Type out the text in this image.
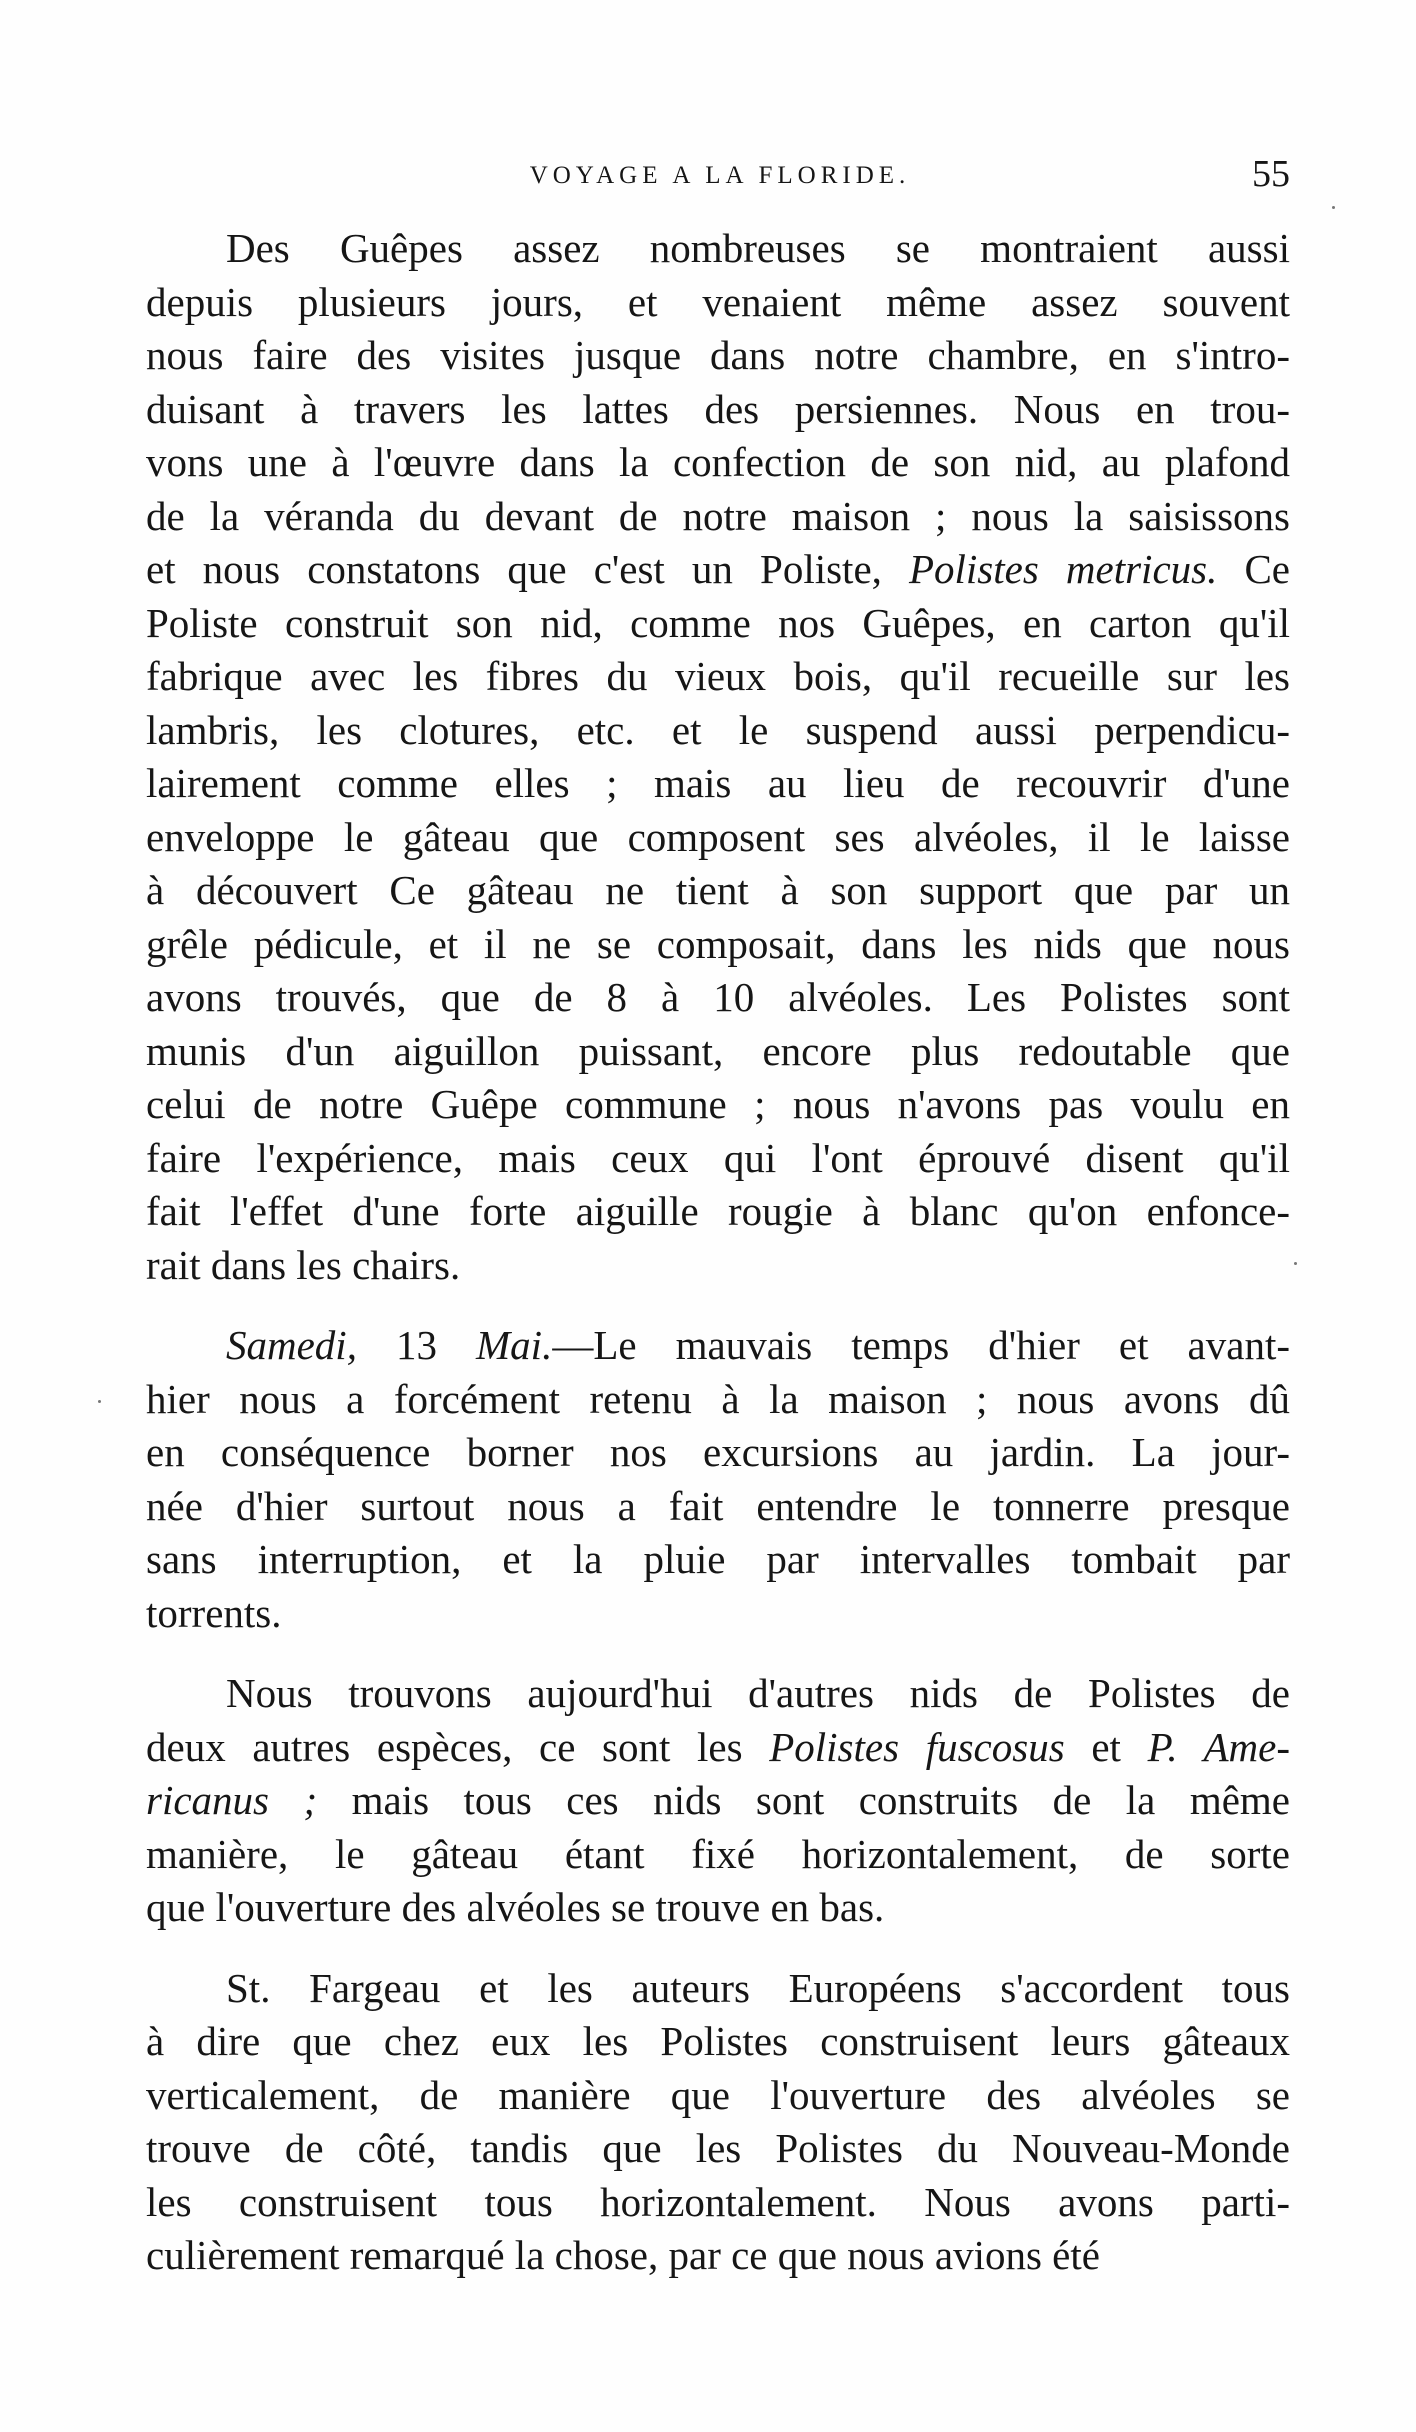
VOYAGE A LA FLORIDE.	55
Des Guêpes assez nombreuses se montraient aussi
depuis plusieurs jours, et venaient même assez souvent
nous faire des visites jusque dans notre chambre, en s'intro-
duisant à travers les lattes des persiennes. Nous en trou-
vons une à l'œuvre dans la confection de son nid, au plafond
de la véranda du devant de notre maison ; nous la saisissons
et nous constatons que c'est un Poliste, Polistes metricus. Ce
Poliste construit son nid, comme nos Guêpes, en carton qu'il
fabrique avec les fibres du vieux bois, qu'il recueille sur les
lambris, les clotures, etc. et le suspend aussi perpendicu-
lairement comme elles ; mais au lieu de recouvrir d'une
enveloppe le gâteau que composent ses alvéoles, il le laisse
à découvert Ce gâteau ne tient à son support que par un
grêle pédicule, et il ne se composait, dans les nids que nous
avons trouvés, que de 8 à 10 alvéoles. Les Polistes sont
munis d'un aiguillon puissant, encore plus redoutable que
celui de notre Guêpe commune ; nous n'avons pas voulu en
faire l'expérience, mais ceux qui l'ont éprouvé disent qu'il
fait l'effet d'une forte aiguille rougie à blanc qu'on enfonce-
rait dans les chairs.
Samedi, 13 Mai.—Le mauvais temps d'hier et avant-
hier nous a forcément retenu à la maison ; nous avons dû
en conséquence borner nos excursions au jardin. La jour-
née d'hier surtout nous a fait entendre le tonnerre presque
sans interruption, et la pluie par intervalles tombait par
torrents.
Nous trouvons aujourd'hui d'autres nids de Polistes de
deux autres espèces, ce sont les Polistes fuscosus et P. Ame-
ricanus ; mais tous ces nids sont construits de la même
manière, le gâteau étant fixé horizontalement, de sorte
que l'ouverture des alvéoles se trouve en bas.
St. Fargeau et les auteurs Européens s'accordent tous
à dire que chez eux les Polistes construisent leurs gâteaux
verticalement, de manière que l'ouverture des alvéoles se
trouve de côté, tandis que les Polistes du Nouveau-Monde
les construisent tous horizontalement. Nous avons parti-
culièrement remarqué la chose, par ce que nous avions été
